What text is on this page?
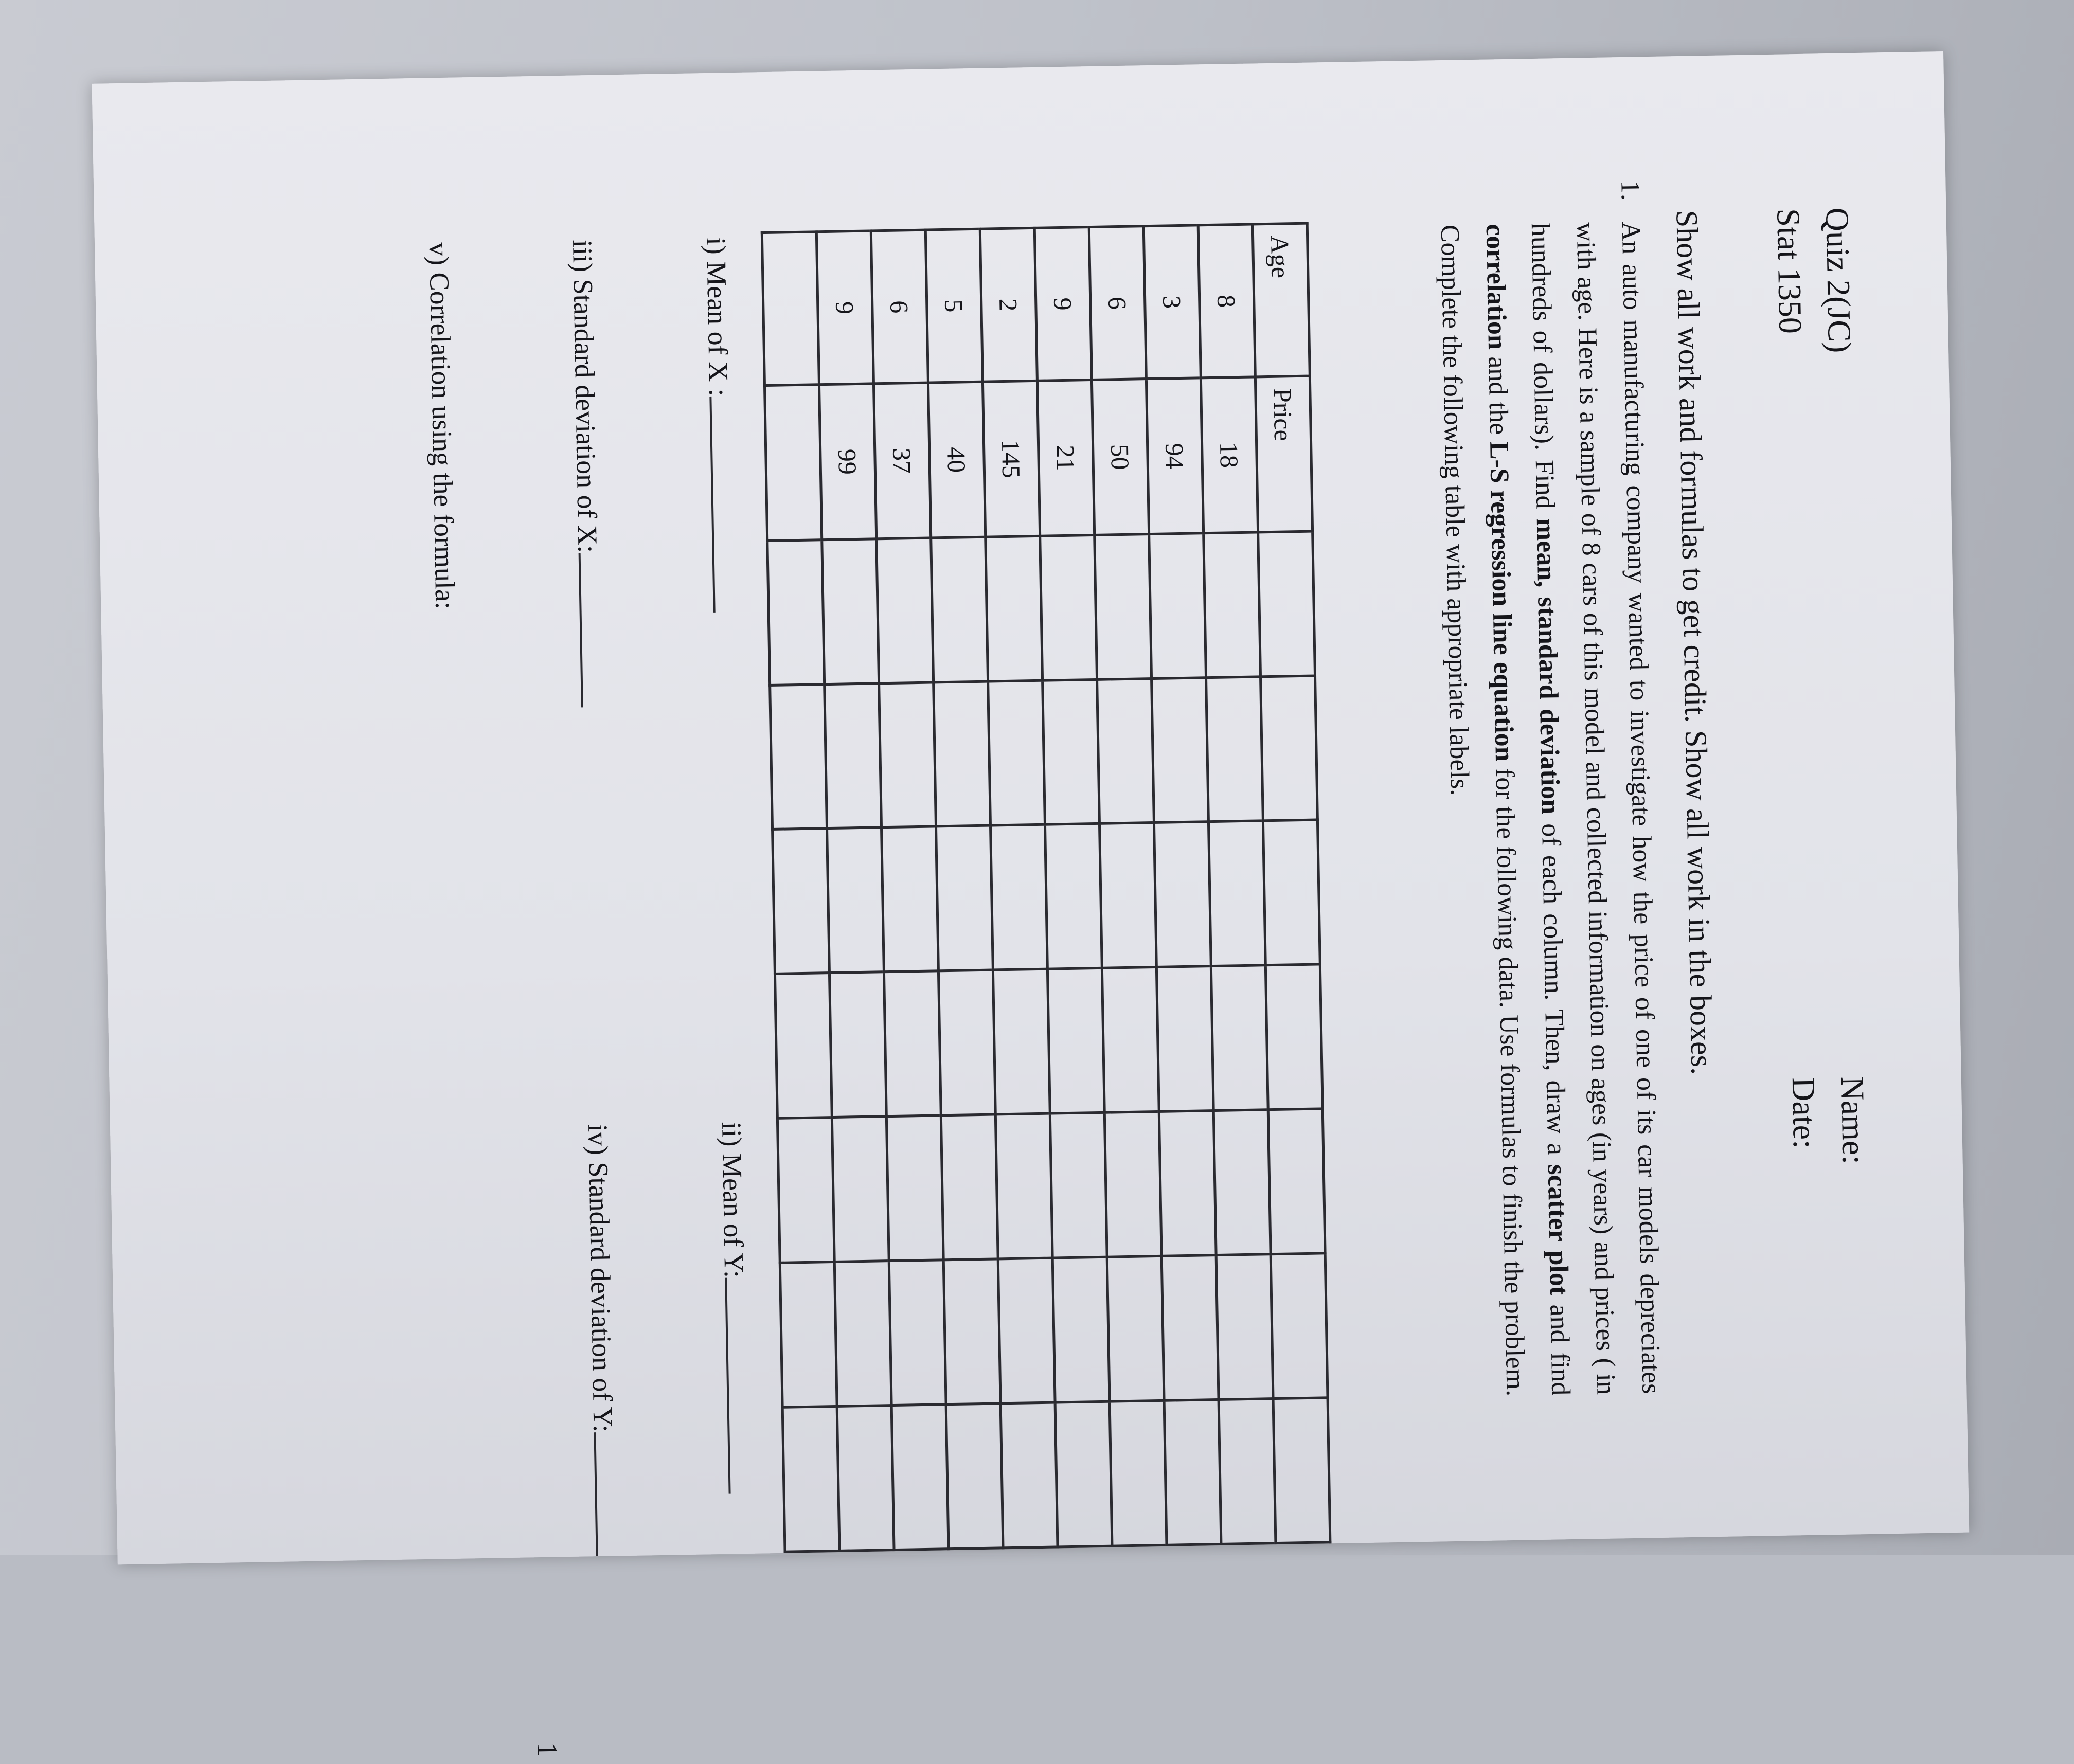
Quiz 2(JC)
Stat 1350
Name:
Date:
Show all work and formulas to get credit. Show all work in the boxes.
1.
An auto manufacturing company wanted to investigate how the price of one of its car models depreciates with age. Here is a sample of 8 cars of this model and collected information on ages (in years) and prices ( in hundreds of dollars). Find mean, standard deviation of each column. Then, draw a scatter plot and find correlation and the L-S regression line equation for the following data. Use formulas to finish the problem. Complete the following table with appropriate labels.
Age	Price							
8	18							
3	94							
6	50							
9	21							
2	145							
5	40							
6	37							
9	99							

i) Mean of X :
ii) Mean of Y:
iii) Standard deviation of X:
iv) Standard deviation of Y:
v) Correlation using the formula:
1
